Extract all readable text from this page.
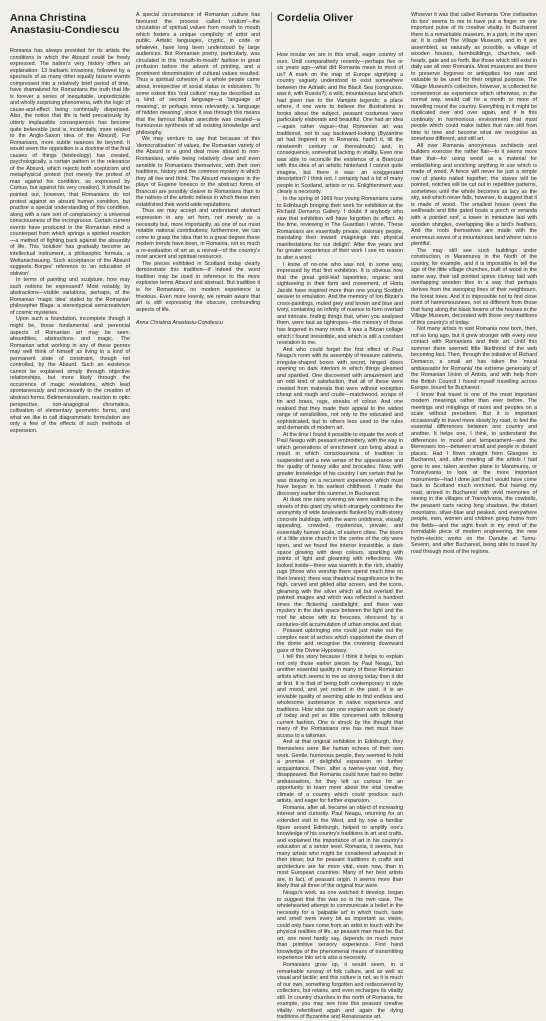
Anna Christina Anastasiu-Condiescu

Romania has always provided for its artists the conditions in which the Absurd could be freely expressed. The nation's very history offers an explanation: 13 barbaric invasions, followed by a spectacle of as many other equally bizarre events compressed into a relatively brief period of time, have dramatized for Romanians the truth that life is forever a series of inequitable, unpredictable and wholly surprising phenomena, with the logic of cause-and-effect being continually dispensed. Also, the notion that life is held precariously by utterly implausible consequences has become quite believable (and is, incidentally, more related to the Anglo-Saxon idea of the Absurd). For Romanians, more subtle nuances lie beyond. It would seem the opposition is a doctrine of the final causes of things (teleleology) has created, psychologically, a certain pattern in the relevance of the Absurd, which rejects both scepticism and metaphysical protest (not merely the protest of man against his condition, as expressed by Camus, but against his very creation). It should be pointed out, however, that Romanians do not protest against an absurd human condition, but practise a special understanding of this condition, along with a rare sort of complacency: a universal consciousness of the incongruous. Certain current events have produced in the Romanian mind a counterpart from which springs a spirited reaction—a method of fighting back against the absurdity of life. This 'solution' has gradually become an intellectual instrument, a philosophic formula, a Weltanschauung. Such acceptance of the Absurd suggests Borges' reference to 'an education of oblivion'.

In terms of painting and sculpture, how may such notions be expressed? Most notably, by abstractions—visible variations, perhaps, of the Romanian 'magic idea' stated by the Romanian philosopher Blaga: a stereotypical semicreativism of cosmic mysteries.

Upon such a foundation, incomplete though it might be, these fundamental and perennial aspects of Romanian art may be seen: absurdities, abstractions and magic. The Romanian artist working in any of these genres may well think of himself as living in a kind of permanent state of constraint, though not controlled, by the Absurd. Such an existence cannot be explained simply through objective relationships, but more likely through the occurrence of magic revelations, which lead spontaneously and necessarily to the creation of abstract forms. Bidimensionalism, reaction to optic perspective, non-anagogical chromatics, cultivation of elementary geometric forms, and what we like to call diagrammatic formulation are only a few of the effects of such methods of expression.

A special circumstance of Romanian culture has favoured the process called 'oralism'—the circulation of spiritual values from mouth to mouth which fosters a unique complicity of artist and public. Artistic languages, cryptic, in code or whatever, have long been understood by large audiences. But Romanian poetry, particularly, was circulated in this 'mouth-to-mouth' fashion in great profusion before the advent of printing, and a prominent denomination of cultural values resulted. Thus a spiritual cohesion of a whole people came about, irrespective of social status or education. To some extent this 'oral culture' may be described as a kind of second language—a 'language of meaning', or perhaps more relevantly, a 'language of hidden meaning', since it was through this means that the famous Balkan anecdote was created—a humourous synthesis of all existing knowledge and philosophy.

We may venture to say that because of this 'democratisation' of values, the Romanian variety of the Absurd is a good deal more absurd to non-Romanians, while being relatively clear and even sensible to Romanians themselves, with their own traditions, history and the common mystery in which they all live and think. The Absurd messages in the plays of Eugene Ionesco or the abstract forms of Brancusi are possibly clearer to Romanians than to the natives of the artistic milieux in which these men established their world-wide reputations.

Thus we may accept and understand abstract expression in any art form, not merely as a necessity but, more importantly, as one of our most notable national contributions; furthermore, we can come to grasp the idea that to a great degree these modern trends have been, in Romania, not so much a re-evaluation of art as a revival—of the country's most ancient and spiritual resources.

The pieces exhibited in Scotland today clearly demonstrate this tradition—if indeed the word tradition may be used in reference to the more explosive terms Absurd and abstract. But tradition it is for Romanians, no modern experience is frivolous. Even more keenly, we remain aware that art is still expressing the obscure, confounding aspects of life.

Anna Christina Anastasiu-Condiescu
Cordelia Oliver

How insular we are in this small, eager country of ours. Until comparatively recently—perhaps five or six years ago—what did Romania mean to most of us? A mark on the map of Europe signifying a country vaguely understood to exist somewhere between the Adriatic and the Black Sea (congruous, was it, with Russia?); a wild, mountainous land which had given rise to the Vampire legends; a place where, if one were to believe the illustrations in books about the subject, peasant costumes were particularly elaborate and beautiful. One had an idea—again rather vague—that Romanian art was traditional, not to say backward-looking (Byzantine art had lingered on in Romania, hadn't it, till the nineteenth century or thereabouts) and, in consequence, somewhat lacking in vitality. Even one was able to reconcile the existence of a Brancusi with this idea of an artistic hinterland I cannot quite imagine, but there it was: an exaggerated description? I think not. I certainly had a lot of many people in Scotland, artists or no. Enlightenment was clearly a necessity.

In the spring of 1969 four young Romanians came to Edinburgh bringing their work for exhibition at the Richard Demarco Gallery. I doubt if anybody who saw that exhibition will have forgotten its effect. At the time, reviewing in The Guardian I wrote, 'These Romanians are essentially private, visionary people, translating their inward imaginings into physical manifestations for our delight'. After five years and far greater experience of their work I see no reason to alter a word.

I know of no-one who was not, in some way, impressed by that first exhibition. It is obvious now that the great gold-leaf tapestries, organic and sightseeing in their form and movement, of Horia Jacobi have inspired more than one young Scottish weaver to emulation. And the memory of Ion Bitzan's cross-paintings, muted grey and brown and blue and ivory, containing an infinity of nuance to form overlaid and intricate, finding things that, when you analysed them, were taut as tightropes—the memory of these has lingered in many minds. It was a Bitzan collage which I found irresistible, and which is still a constant revelation to me.

And who could forget the first effect of Paul Neagu's room with its assembly of treasure cabinets, irregular-shaped boxes with secret, hinged doors opening on dark interiors in which things gleamed and sparkled. One discovered with amazement and an odd kind of satisfaction, that all of these were created from materials that were without exception cheap and rough and crude—matchwood, scraps of tin and brass, rags, streaks of colour. And one realised that they made their appeal to the widest range of sensibilities, not only to the educated and sophisticated, but to others less used to the rules and demands of modern art.

At the time I found it possible to equate the work of Paul Neagu with peasant embroidery, with the way in which generations of enrichment can bring about a result in which consciousness of tradition is suspended and a new sense of the appearance and the quality of heavy silks and brocades. Now, with greater knowledge of his country I am certain that he was drawing on a recurrent experience which must have begun in his earliest childhood. I made the discovery earlier this summer, in Bucharest.

At dusk one rainy evening we were walking in the streets of this giant city which strangely combines the anonymity of wide boulevards flanked by multi-storey concrete buildings, with the warm untidiness, visually appealing, crowded, mysterious, private, and essentially human scale, of eastern cities. The doors of a little stone church in the centre of the city were open, and we found the interior irresistible, a dark space glowing with deep colours, sparkling with points of light and gleaming with reflections. We looked inside—there was warmth in the rich, shabby rugs (those who worship there spend much time on their knees); there was theatrical magnificence in the high, carved and gilded altar screen, and the icons, gleaming with the silver which all but overlaid the painted images and which was reflected a hundred times the flickering candlelight; and there was mystery in the dark space between the light and the roof far above with its frescoes, obscured by a centuries-old accumulation of urban smoke and dust.

Peasant upbringing one could just make out the complex nest of arches which supported the drum of the dome and recognise the crowning downward gaze of the Divine Hypostasy.

I tell this story because I think it helps to explain not only those earlier pieces by Paul Neagu, but another essential quality in many of these Romanian artists which seems to me so strong today than it did at first. It is that of being both contemporary in style and mood, and yet rooted in the past. It is an enviable quality of seeming able to find endless and wholesome sustenance in native experience and traditions. How else can one explain work so clearly of today and yet so little concerned with following current fashion. One is struck by the thought that many of the Romanians one has met must have access to a talisman.

And at that original exhibition in Edinburgh, they themselves were like human echoes of their own work. Gentle, humorous people, they seemed to hold a promise of delightful expansion on further acquaintance. Then, after a twelve-year visit, they disappeared. But Romania could have had no better ambassadors, for they left us curious for an opportunity to learn more about the vital creative climate of a country which could produce such artists, and eager for further expansion.

Romania, after all, became an object of increasing interest and curiosity. Paul Neagu, returning for an extended visit to the West, and by now a familiar figure around Edinburgh, helped to amplify one's knowledge of his country's traditions in art and crafts, and explained the importance of art in his country's education at a senior level. Romania, it seems, has many artists who might be considered advanced in their ideas; but for peasant traditions in crafts and architecture are far more vital, even now, than in most European countries. Many of her best artists are, in fact, of peasant origin. It seems more than likely that all three of the original four were.

Neagu's work, as one watched it develop, began to suggest that this was so in his own case. The wholehearted attempt to communicate a belief in the necessity for a 'palpable art' in which touch, taste and smell were every bit as important as vision, could only have come from an artist in touch with the physical realities of life, as peasant man must be. But art, one need hardly say, depends on much more than primitive sensory experience. First hand knowledge of the phenomenal means of transmitting experience into art is also a necessity.

Romanians grow up, it would seem, in a remarkable runway of folk culture, and as well as visual and tactile; and this culture is not, as it is much of our own, something forgotten and rediscovered by collectors, but retains, and even recharges its vitality still. In country churches in the north of Romania, for example, you may see how this peasant creative vitality refertilised again and again the dying traditions of Byzantine and Renaissance art.

Whoever it was that called Romania 'One civilisation do box' seems to me to have put a finger on one important pulse of its creative vitality. In Bucharest there is a remarkable museum, in a park, in the open air. It is called The Village Museum, and in it are assembled, as naturally as possible, a village of wooden houses, farmbuildings, churches, well-heads, gate and so forth, like those which still exist in daily use all over Romania. Most museums are there to preserve bygones or antiquities too rare and valuable to be used for their original purpose. The Village Museum's collection, however, is collected for convenience as experience which otherwise, in the normal way, would call for a month or more of travelling round the country. Everything in it might be duplicated over and over again, and it is this continuity in harmonious environment that most people which could make tables that rare still from time to time and become what we recognise as somehow different, and still art.

All over Romania anonymous architects and builders exercise the rather flair—to it seems more than that—for using wood as a material for embellishing and enriching anything in use which is made of wood. A fence will never be just a simple row of planks nailed together; the staves will be pointed, notches will be cut out in repetitive patterns, sometimes until the whole becomes as lacy as the sky, and which never falls, however, to suggest that it is made of wood. The smallest house (even the wellheads and little gated boats a porch or veranda with a pointed roof, a tower in miniature laid with wooden shingles, overlapping like a bird's feathers. And the roofs themselves are made with the enormous eaves of a mountainous land where rain is plentiful.

The may still see such buildings under construction, in Maramureș in the North of the country, for example, and it is impossible to tell the age of the little village churches, built of wood in the same way, their tall pointed spires clumsy laid with overlapping wooden tiles in a way that perhaps derives from the swooping lines of their neighbours, the forest trees. And it is impossible not to find close point of harmoniousness, not so different from those that hung along the black beams of the houses in the Village Museum, decorated with those very traditions of this country's of today.

Not many artists in visit Romania now born, then, not so long ago, but it grew stronger with every new contact with Romanians and their art. Until this summer there seemed little likelihood of the web becoming fact. Then, through the initiative of Richard Demarco, a small art has taken the 'mural ambassador for Romania' the extreme generosity of the Romanian Union of Artists, and with help from the British Council I found myself travelling across Europe, bound for Bucharest.

I know that travel is one of the most important modern meanings rather than ever before. The meetings and minglings of races and peoples on a scale without precedent. But it is important occasionally to travel more slowly by road, to feel the essential differences between one country and another. It helps one, I think, to understand the differences in mood and temperament—and the likenesses too—between small and people in distant places. Had I flown straight from Glasgow to Bucharest, and, after meeting all the artists I had gone to see, taken another plane to Maramureș, or Transylvania to look at the more important monuments—had I done just that I would have come back to Scotland much enriched. But having my road, arrived in Bucharest with vivid memories of seeing in the villages of Transylvania, the cowbells, the peasant carts racing long shadows, the distant mountains, silver-blue and peaked, and everywhere people, men, women and children going home from the fields—and the sight fresh in my mind of the formidable piece of modern engineering, the new hydro-electric works on the Danube at Turnu-Severin, and after Bucharest, being able to travel by road through most of the regions.
